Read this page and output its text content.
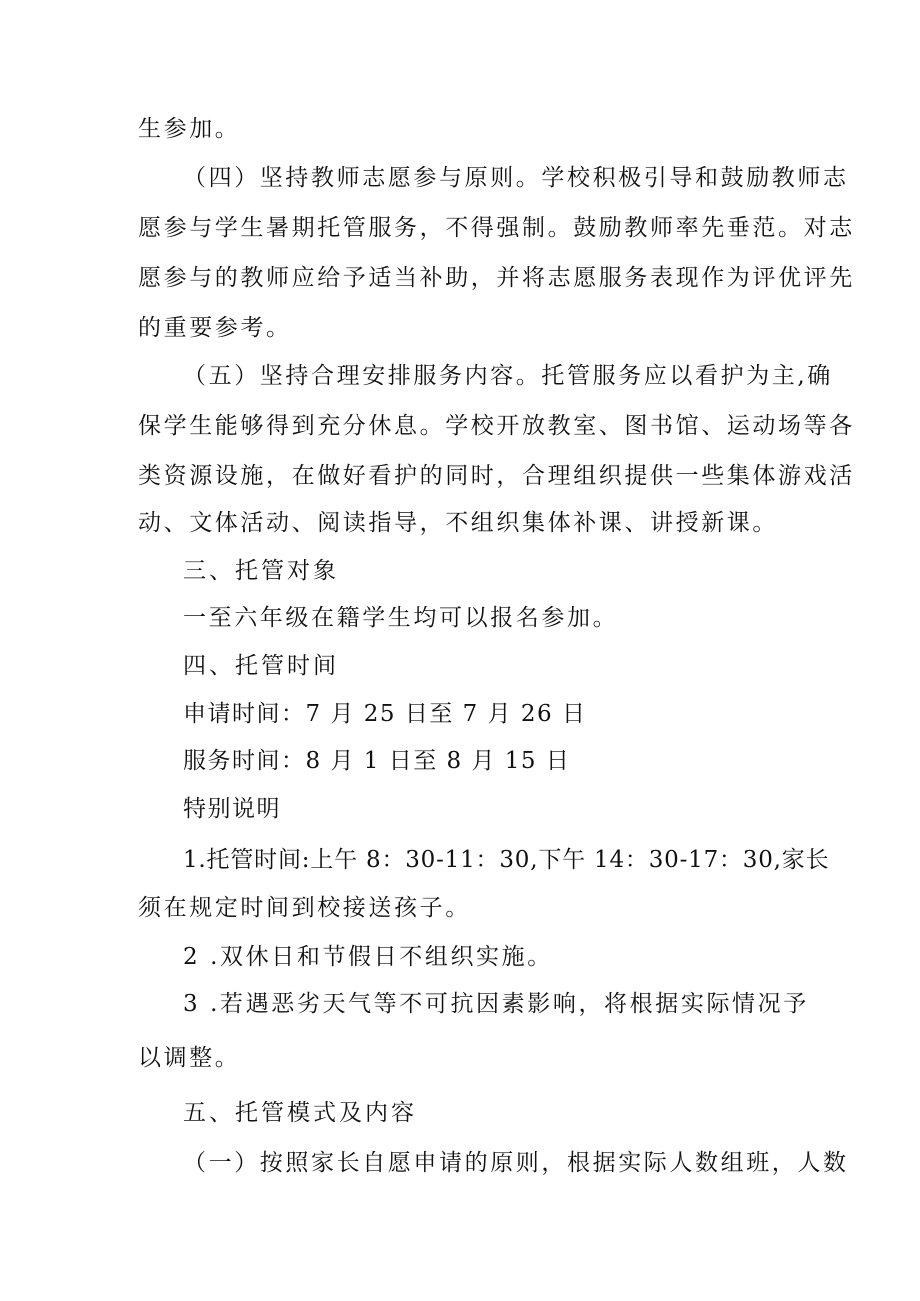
生参加。
（四）坚持教师志愿参与原则。学校积极引导和鼓励教师志
愿参与学生暑期托管服务，不得强制。鼓励教师率先垂范。对志
愿参与的教师应给予适当补助，并将志愿服务表现作为评优评先
的重要参考。
（五）坚持合理安排服务内容。托管服务应以看护为主,确
保学生能够得到充分休息。学校开放教室、图书馆、运动场等各
类资源设施，在做好看护的同时，合理组织提供一些集体游戏活
动、文体活动、阅读指导，不组织集体补课、讲授新课。
三、托管对象
一至六年级在籍学生均可以报名参加。
四、托管时间
申请时间：7 月 25 日至 7 月 26 日
服务时间：8 月 1 日至 8 月 15 日
特别说明
1.托管时间:上午 8：30-11：30,下午 14：30-17：30,家长
须在规定时间到校接送孩子。
2 .双休日和节假日不组织实施。
3 .若遇恶劣天气等不可抗因素影响，将根据实际情况予
以调整。
五、托管模式及内容
（一）按照家长自愿申请的原则，根据实际人数组班，人数
